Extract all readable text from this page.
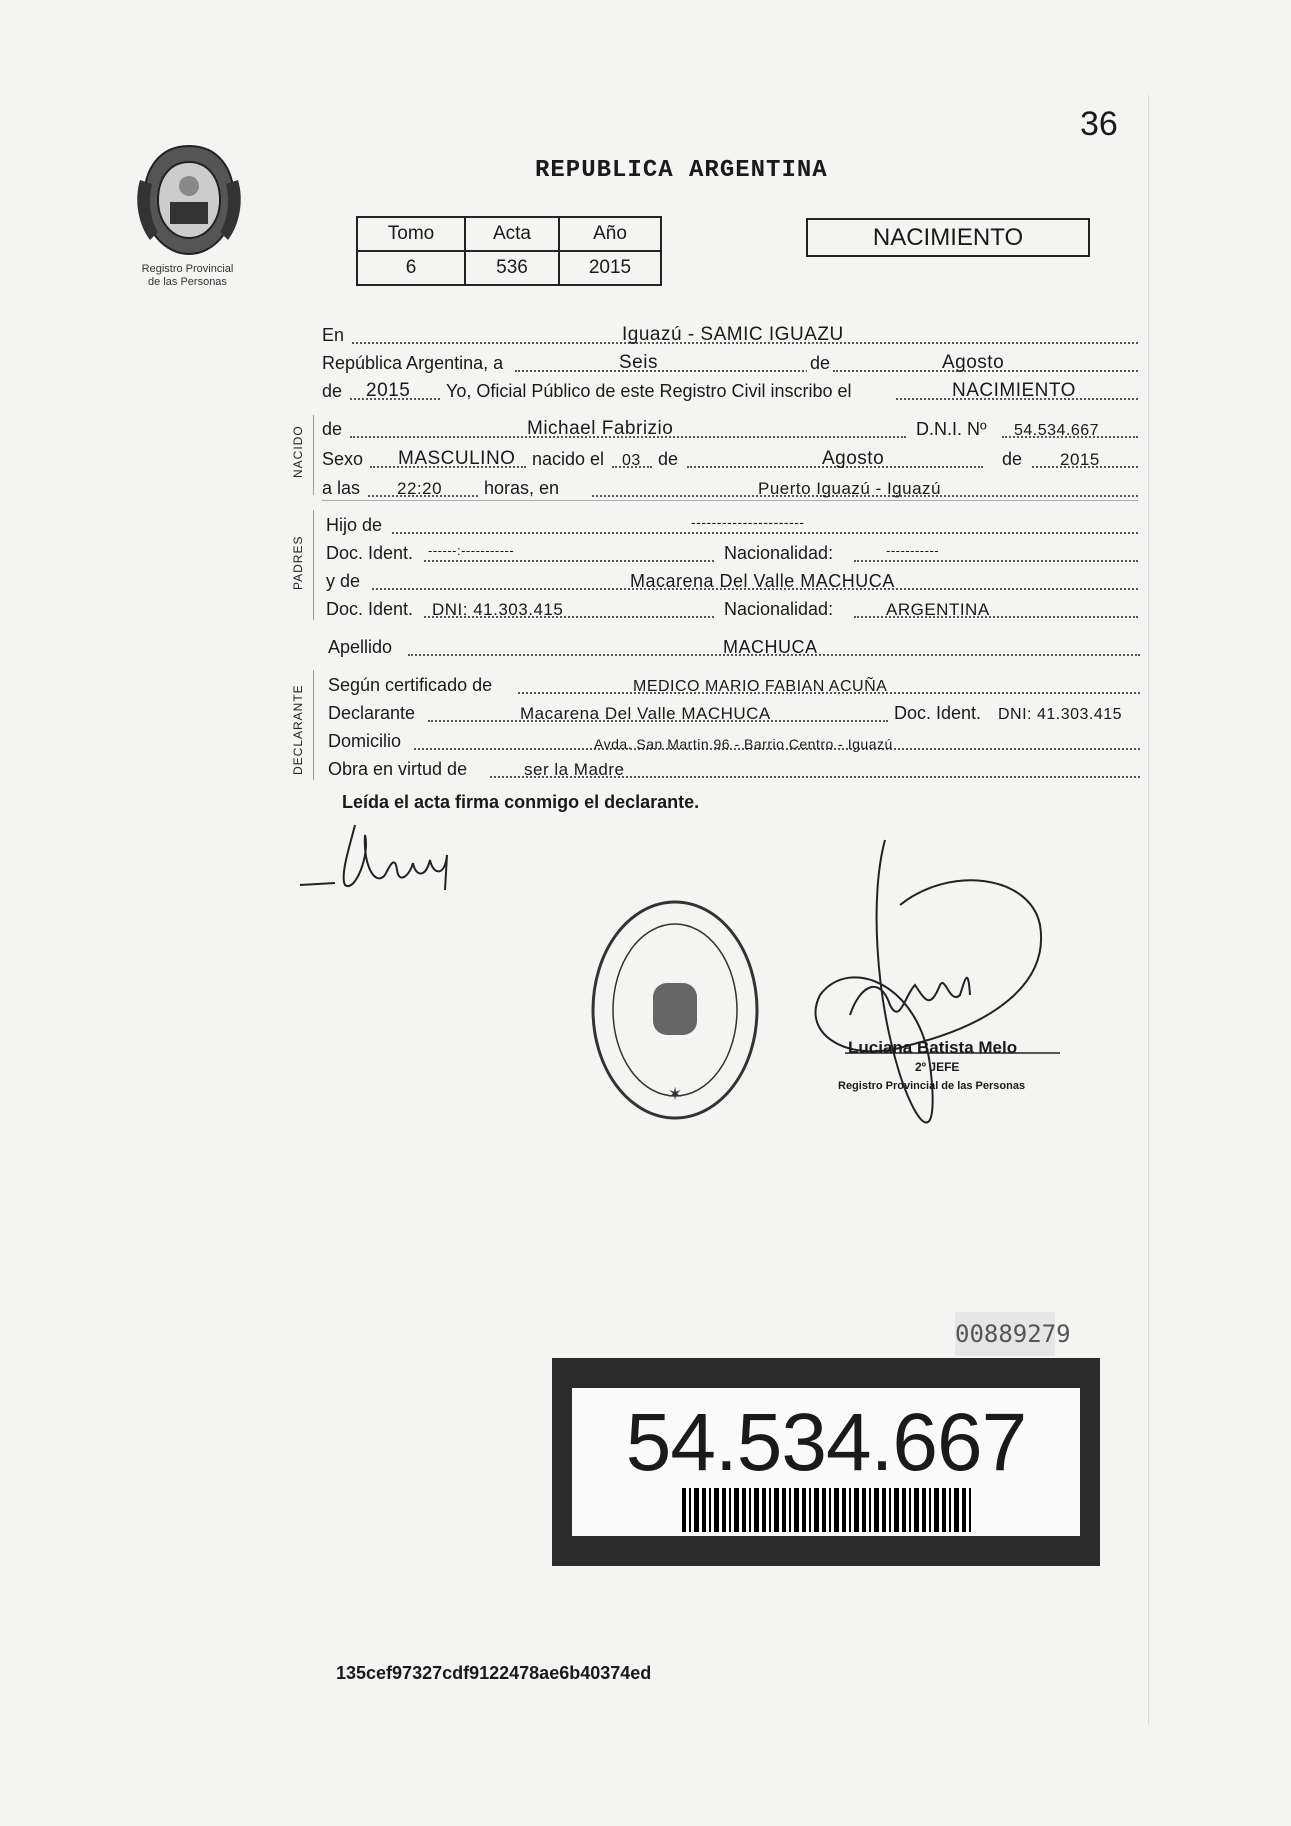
36
Registro Provincial
de las Personas
REPUBLICA ARGENTINA
Tomo	Acta	Año
6	536	2015
NACIMIENTO
NACIDO
PADRES
DECLARANTE
En	Iguazú - SAMIC IGUAZU
República Argentina, a	Seis	de	Agosto
de 2015 Yo, Oficial Público de este Registro Civil inscribo el	NACIMIENTO
de	Michael Fabrizio	D.N.I. Nº 54.534.667
Sexo MASCULINO nacido el 03 de	Agosto	de 2015
a las 22:20 horas, en	Puerto Iguazú - Iguazú
Hijo de	----------------------
Doc. Ident. ------:-----------	Nacionalidad:	-----------
y de	Macarena Del Valle MACHUCA
Doc. Ident. DNI: 41.303.415	Nacionalidad:	ARGENTINA
Apellido	MACHUCA
Según certificado de	MEDICO MARIO FABIAN ACUÑA
Declarante	Macarena Del Valle MACHUCA	Doc. Ident. DNI: 41.303.415
Domicilio	Avda. San Martin 96 - Barrio Centro - Iguazú
Obra en virtud de	ser la Madre
Leída el acta firma conmigo el declarante.
✶
Luciana Batista Melo
2º JEFE
Registro Provincial de las Personas
00889279
54.534.667
135cef97327cdf9122478ae6b40374ed
